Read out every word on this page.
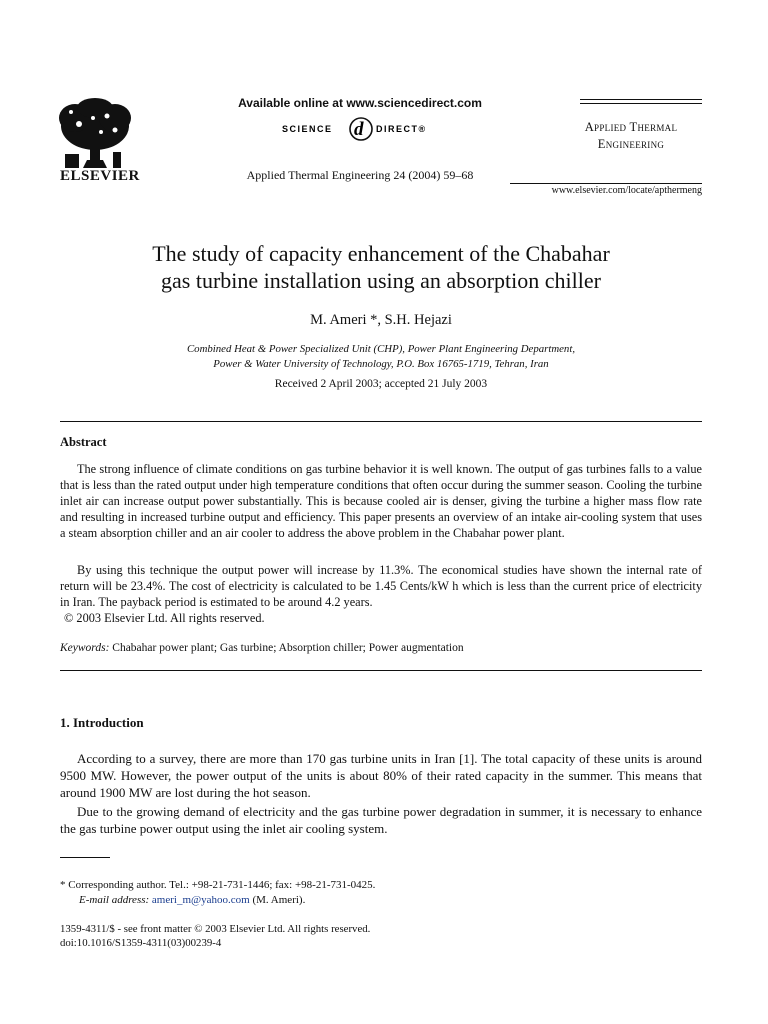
ELSEVIER
Available online at www.sciencedirect.com
SCIENCE d DIRECT®
Applied Thermal Engineering 24 (2004) 59–68
Applied Thermal
Engineering
www.elsevier.com/locate/apthermeng
The study of capacity enhancement of the Chabahar
gas turbine installation using an absorption chiller
M. Ameri *, S.H. Hejazi
Combined Heat & Power Specialized Unit (CHP), Power Plant Engineering Department,
Power & Water University of Technology, P.O. Box 16765-1719, Tehran, Iran
Received 2 April 2003; accepted 21 July 2003
Abstract

The strong influence of climate conditions on gas turbine behavior it is well known. The output of gas turbines falls to a value that is less than the rated output under high temperature conditions that often occur during the summer season. Cooling the turbine inlet air can increase output power substantially. This is because cooled air is denser, giving the turbine a higher mass flow rate and resulting in increased turbine output and efficiency. This paper presents an overview of an intake air-cooling system that uses a steam absorption chiller and an air cooler to address the above problem in the Chabahar power plant.

By using this technique the output power will increase by 11.3%. The economical studies have shown the internal rate of return will be 23.4%. The cost of electricity is calculated to be 1.45 Cents/kW h which is less than the current price of electricity in Iran. The payback period is estimated to be around 4.2 years.

© 2003 Elsevier Ltd. All rights reserved.

Keywords: Chabahar power plant; Gas turbine; Absorption chiller; Power augmentation
1. Introduction

According to a survey, there are more than 170 gas turbine units in Iran [1]. The total capacity of these units is around 9500 MW. However, the power output of the units is about 80% of their rated capacity in the summer. This means that around 1900 MW are lost during the hot season.

Due to the growing demand of electricity and the gas turbine power degradation in summer, it is necessary to enhance the gas turbine power output using the inlet air cooling system.

* Corresponding author. Tel.: +98-21-731-1446; fax: +98-21-731-0425.
E-mail address: ameri_m@yahoo.com (M. Ameri).
1359-4311/$ - see front matter © 2003 Elsevier Ltd. All rights reserved.
doi:10.1016/S1359-4311(03)00239-4
